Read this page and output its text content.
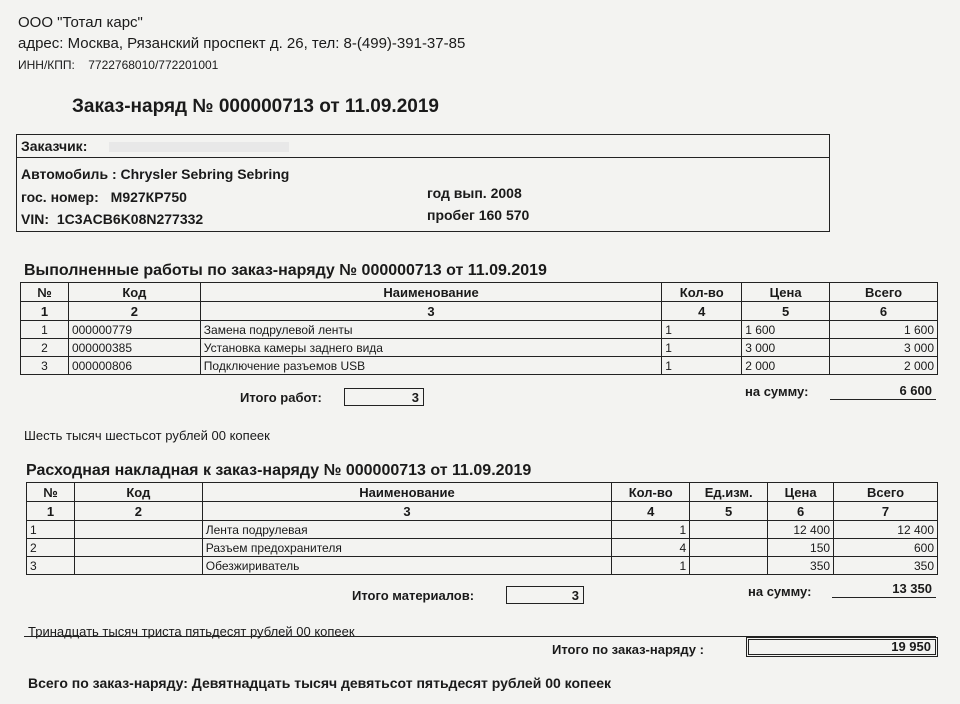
ООО "Тотал карс"
адрес: Москва, Рязанский проспект д. 26, тел: 8-(499)-391-37-85
ИНН/КПП: 7722768010/772201001
Заказ-наряд № 000000713 от 11.09.2019
Заказчик:
Автомобиль : Chrysler Sebring Sebring
гос. номер: М927КР750
VIN: 1C3ACB6K08N277332
год вып. 2008
пробег 160 570
Выполненные работы по заказ-наряду № 000000713 от 11.09.2019
№	Код	Наименование	Кол-во	Цена	Всего
1	2	3	4	5	6
1	000000779	Замена подрулевой ленты	1	1 600	1 600
2	000000385	Установка камеры заднего вида	1	3 000	3 000
3	000000806	Подключение разъемов USB	1	2 000	2 000
Итого работ:	3	на сумму:	6 600
Шесть тысяч шестьсот рублей 00 копеек
Расходная накладная к заказ-наряду № 000000713 от 11.09.2019
№	Код	Наименование	Кол-во	Ед.изм.	Цена	Всего
1	2	3	4	5	6	7
1		Лента подрулевая	1		12 400	12 400
2		Разъем предохранителя	4		150	600
3		Обезжириватель	1		350	350
Итого материалов:	3	на сумму:	13 350
Тринадцать тысяч триста пятьдесят рублей 00 копеек
Итого по заказ-наряду :	19 950
Всего по заказ-наряду: Девятнадцать тысяч девятьсот пятьдесят рублей 00 копеек
